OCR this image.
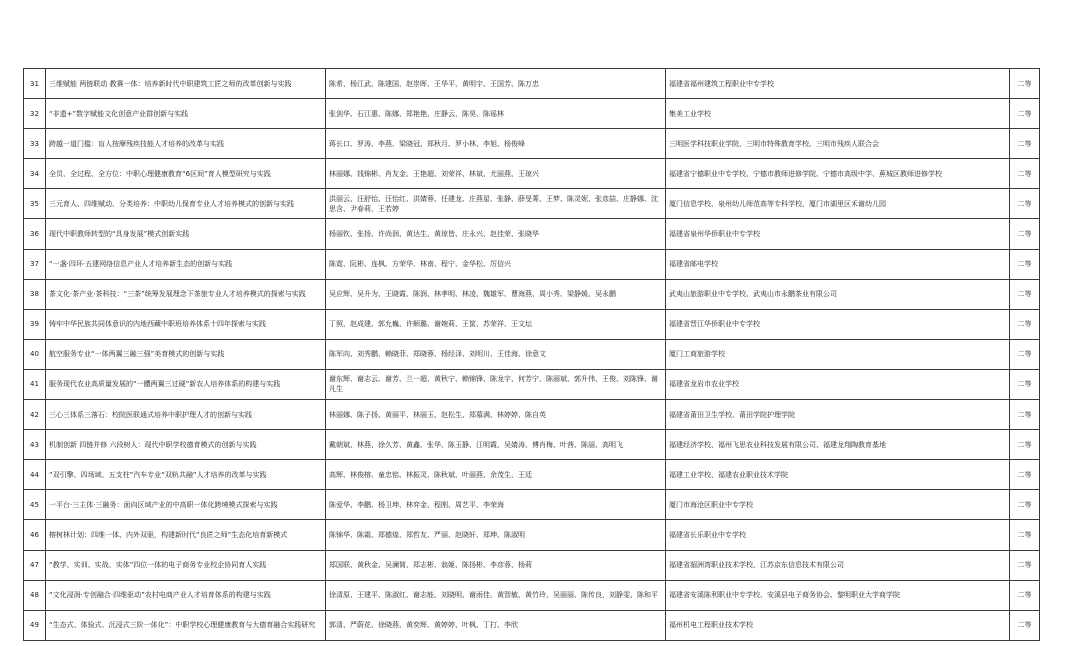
31	三维赋能 两链联动 教赛一体：培养新时代中职建筑工匠之师的改革创新与实践	陈希、杨江武、陈建国、赵崇晖、王华平、黄明宇、王国芳、陈万忠	福建省福州建筑工程职业中专学校	二等
32	“非遗+”数字赋能文化创意产业群创新与实践	张剑华、石江惠、陈娜、郑艳艳、庄静云、陈昊、陈瑶林	集美工业学校	二等
33	跨越一道门槛：盲人按摩残疾技能人才培养的改革与实践	蒋长口、罗涛、李燕、梁晓冠、郑秋月、罗小林、李旭、杨俊峰	三明医学科技职业学院、三明市特殊教育学校、三明市残疾人联合会	二等
34	全员、全过程、全方位：中职心理健康教育“6区间”育人模型研究与实践	林丽娜、钱锦彬、肖友金、王艳超、刘荣祥、林斌、尤丽燕、王琼兴	福建省宁德职业中专学校、宁德市教师进修学院、宁德市高级中学、蕉城区教师进修学校	二等
35	三元育人、四维赋动、分类培养：中职幼儿保育专业人才培养模式的创新与实践	洪丽云、汪舒怡、汪怡红、洪婧蓉、任建龙、庄燕星、张静、薛旻菁、王梦、陈灵妮、张彦喆、庄静娜、沈思含、尹春莉、王若婷	厦门信息学校、泉州幼儿师范高等专科学校、厦门市湖里区禾谢幼儿园	二等
36	现代中职教师转型的“具身发展”模式创新实践	杨丽钦、张扬、许尚润、黄达生、黄琼皆、庄永兴、赵佳荣、张晓华	福建省泉州华侨职业中专学校	二等
37	“一盏·四环·五建网络信息产业人才培养新生态的创新与实践	陈霓、阮彬、连枫、方荣华、林南、程宁、金华松、厉信兴	福建省邮电学校	二等
38	茶文化·茶产业·茶科技：“三茶”统筹发展理念下茶旅专业人才培养模式的探索与实践	吴应辉、吴升为、王晓霞、陈润、林孝明、林凌、魏雄军、曹海燕、周小秀、梁静媛、吴永鹏	武夷山旅游职业中专学校、武夷山市永鹏茶业有限公司	二等
39	铸牢中华民族共同体意识的内地西藏中职班培养体系十四年探索与实践	丁照、赵成建、郭允巍、许顺璐、谢婉莉、王筐、苏荣祥、王文坛	福建省晋江华侨职业中专学校	二等
40	航空服务专业“一体两翼三融三强”美育模式的创新与实践	陈军向、刘秀鹏、赖晓菲、郑晓蓉、杨经泽、刘明川、王佳海、徐意文	厦门工商旅游学校	二等
41	服务现代农业高质量发展的“一體两翼三过硬”新农人培养体系的构建与实践	谢东辉、谢志云、谢芳、兰一超、黄秋宁、赖锦锋、陈龙宇、何芳宁、陈丽斌、郭升伟、王俊、刘陈锋、谢凡生	福建省龙岩市农业学校	二等
42	三心三体系三落石：校院医联通式培养中职护理人才的创新与实践	林丽娜、陈子扬、黄丽平、林丽玉、赵松生、郑慕满、林婷婷、陈自英	福建省莆田卫生学校、莆田学院护理学院	二等
43	机制创新 四链并修 六段树人：现代中职学校德育模式的创新与实践	戴朝斌、林燕、徐久芳、黄鑫、张华、陈玉静、江明霞、吴婧涛、傅肖梅、叶茜、陈丽、高明飞	福建经济学校、福州飞思农业科技发展有限公司、福建龙翔陶教育基地	二等
44	“双引擎、四场域、五支柱”汽车专业“双轨共融”人才培养的改革与实践	高辉、林俊榕、童忠铭、林振灵、陈秋斌、叶丽燕、余茂生、王廷	福建工业学校、福建农业职业技术学院	二等
45	一平台·三主体·三融务：面向区域产业的中高职一体化跨境模式探索与实践	陈爱华、李鹏、杨卫坤、林弈金、程刚、周艺平、李荣海	厦门市海沧区职业中专学校	二等
46	榕树林计划：四维一体、内外双驱，构建新时代“良匠之师”生态化培育新模式	陈锦华、陈霜、郑德煌、郑哲友、严丽、赵晓轩、郑坤、陈淑明	福建省长乐职业中专学校	二等
47	“教学、实训、实战、实体”四位一体的电子商务专业校企协同育人实践	郑国联、黄秋金、吴澜简、郑志彬、翁姬、陈扬彬、李彦蓉、杨莉	福建省湄洲湾职业技术学校、江苏京东信息技术有限公司	二等
48	“文化浸润·专创融合·四维驱动”农村电商产业人才培育体系的构建与实践	徐清原、王建平、陈淑红、谢志能、刘晓明、谢雨佳、黄智敏、黄竹玲、吴丽丽、陈传良、刘静雯、陈和平	福建省安溪陈利职业中专学校、安溪县电子商务协会、黎明职业大学商学院	二等
49	“生态式、体验式、沉浸式三阶一体化”：中职学校心理健康教育与大德育融合实践研究	郭清、严蔚花、徐晓燕、黄奕辉、黄婷婷、叶枫、丁打、李欣	福州机电工程职业技术学校	二等
